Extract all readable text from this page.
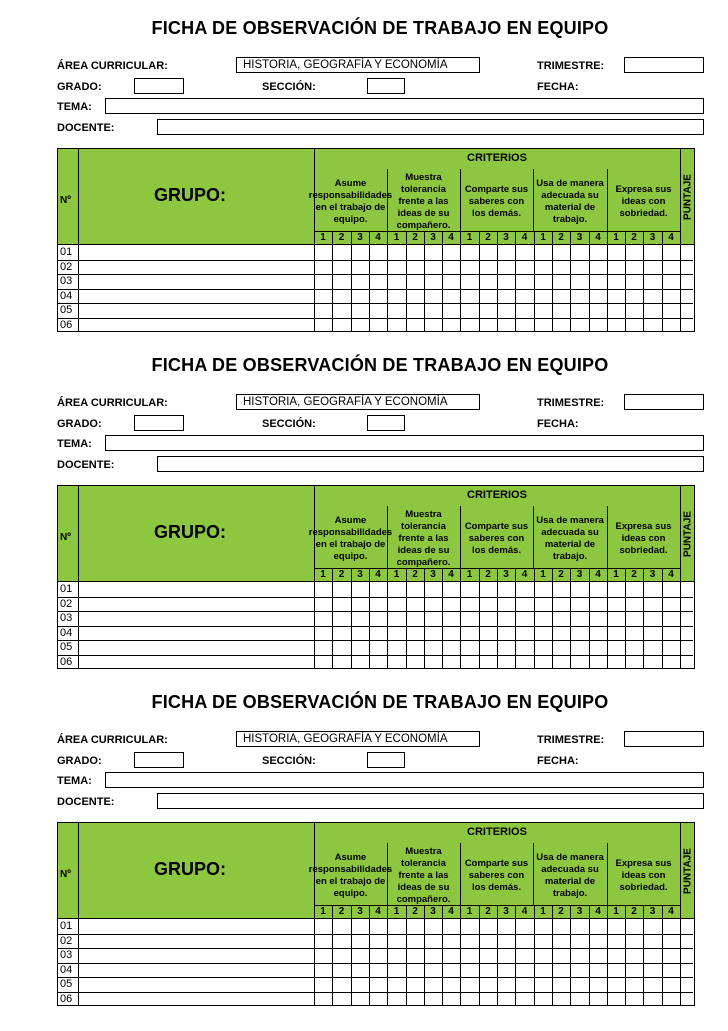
FICHA DE OBSERVACIÓN DE TRABAJO EN EQUIPO
ÁREA CURRICULAR:	HISTORIA, GEOGRAFÍA Y ECONOMÍA	TRIMESTRE:
GRADO:	SECCIÓN:	FECHA:
TEMA:
DOCENTE:
Nº	GRUPO:
CRITERIOS
Asume responsabilidades en el trabajo de equipo.
Muestra tolerancia frente a las ideas de su compañero.
Comparte sus saberes con los demás.
Usa de manera adecuada su material de trabajo.
Expresa sus ideas con sobriedad.	PUNTAJE
1	2	3	4	1	2	3	4	1	2	3	4	1	2	3	4	1	2	3	4
01
02
03
04
05
06
FICHA DE OBSERVACIÓN DE TRABAJO EN EQUIPO
ÁREA CURRICULAR:	HISTORIA, GEOGRAFÍA Y ECONOMÍA	TRIMESTRE:
GRADO:	SECCIÓN:	FECHA:
TEMA:
DOCENTE:
Nº	GRUPO:
CRITERIOS
Asume responsabilidades en el trabajo de equipo.
Muestra tolerancia frente a las ideas de su compañero.
Comparte sus saberes con los demás.
Usa de manera adecuada su material de trabajo.
Expresa sus ideas con sobriedad.	PUNTAJE
1	2	3	4	1	2	3	4	1	2	3	4	1	2	3	4	1	2	3	4
01
02
03
04
05
06
FICHA DE OBSERVACIÓN DE TRABAJO EN EQUIPO
ÁREA CURRICULAR:	HISTORIA, GEOGRAFÍA Y ECONOMÍA	TRIMESTRE:
GRADO:	SECCIÓN:	FECHA:
TEMA:
DOCENTE:
Nº	GRUPO:
CRITERIOS
Asume responsabilidades en el trabajo de equipo.
Muestra tolerancia frente a las ideas de su compañero.
Comparte sus saberes con los demás.
Usa de manera adecuada su material de trabajo.
Expresa sus ideas con sobriedad.	PUNTAJE
1	2	3	4	1	2	3	4	1	2	3	4	1	2	3	4	1	2	3	4
01
02
03
04
05
06
